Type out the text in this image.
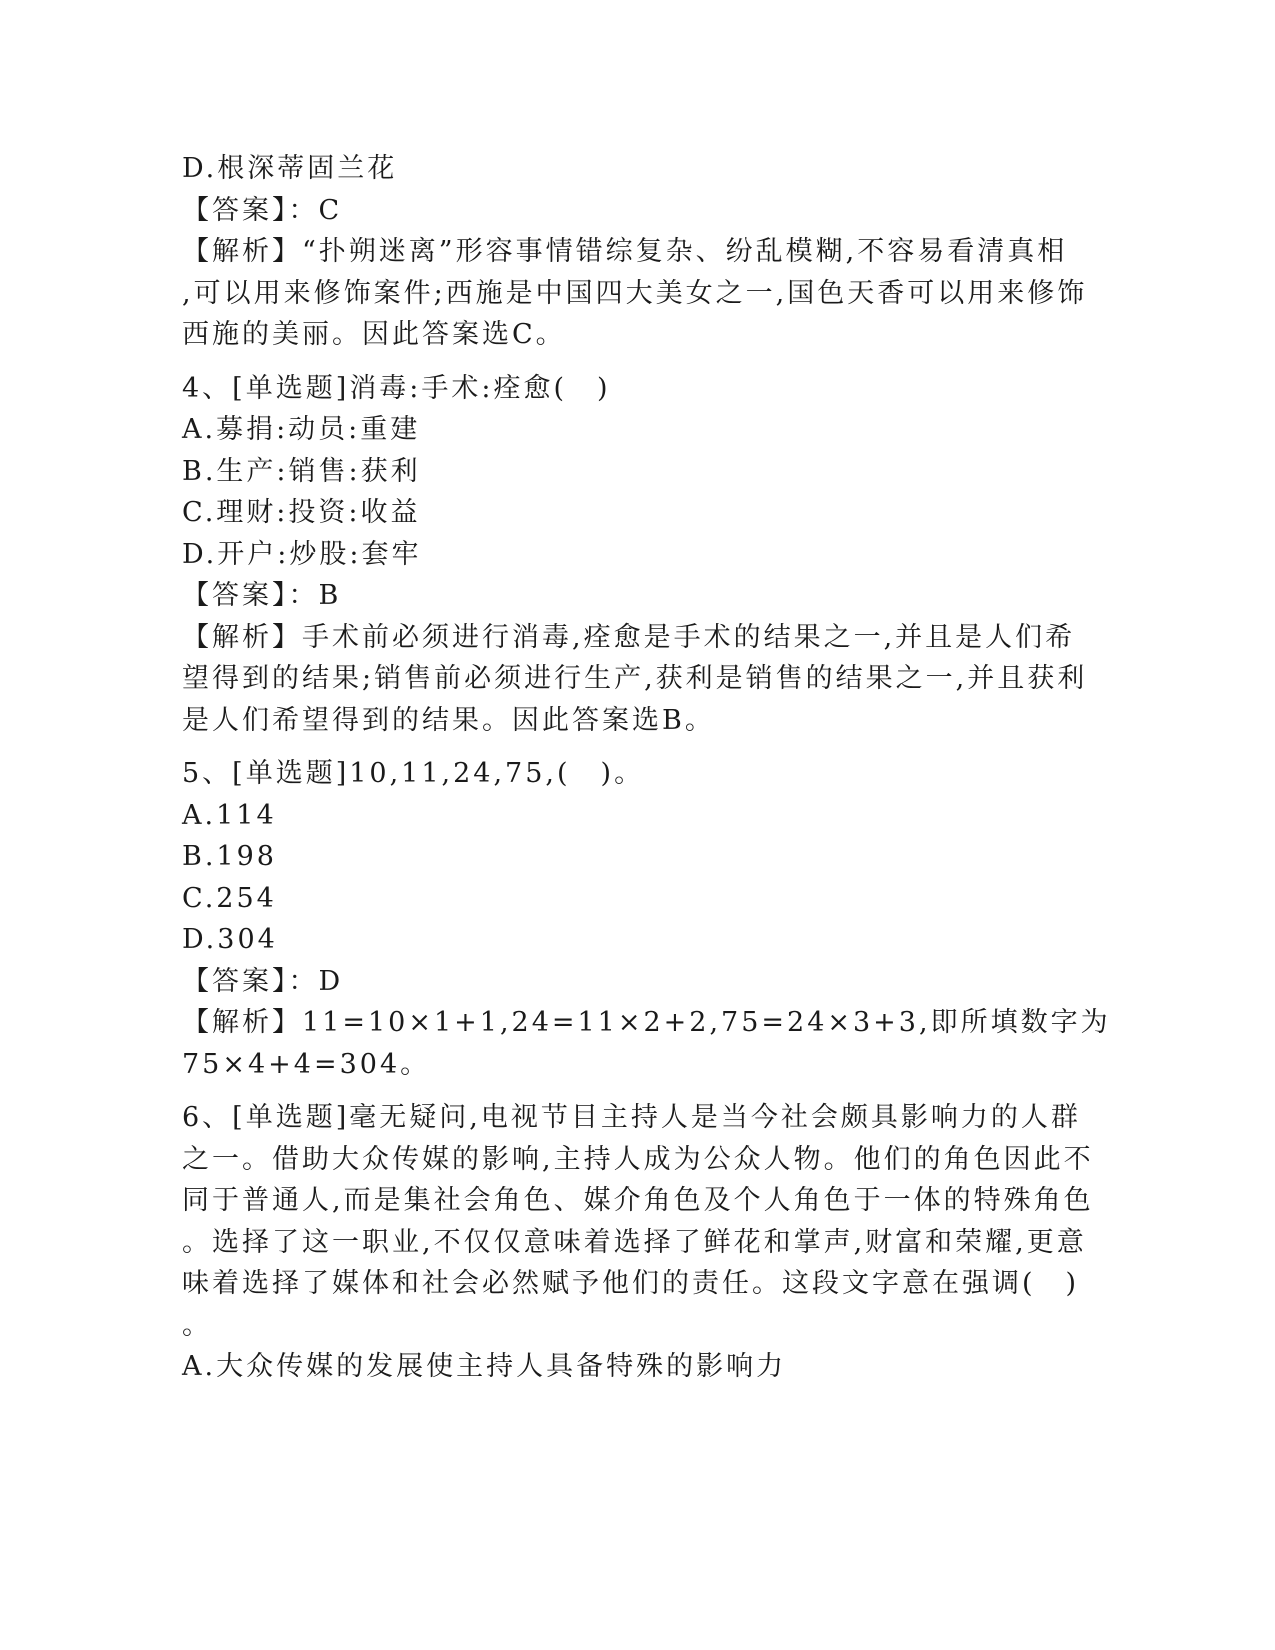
D.根深蒂固兰花
【答案】：C
【解析】“扑朔迷离”形容事情错综复杂、纷乱模糊,不容易看清真相
,可以用来修饰案件;西施是中国四大美女之一,国色天香可以用来修饰
西施的美丽。因此答案选C。
4、[单选题]消毒:手术:痊愈(　)
A.募捐:动员:重建
B.生产:销售:获利
C.理财:投资:收益
D.开户:炒股:套牢
【答案】：B
【解析】手术前必须进行消毒,痊愈是手术的结果之一,并且是人们希
望得到的结果;销售前必须进行生产,获利是销售的结果之一,并且获利
是人们希望得到的结果。因此答案选B。
5、[单选题]10,11,24,75,(　)。
A.114
B.198
C.254
D.304
【答案】：D
【解析】11=10×1+1,24=11×2+2,75=24×3+3,即所填数字为
75×4+4=304。
6、[单选题]毫无疑问,电视节目主持人是当今社会颇具影响力的人群
之一。借助大众传媒的影响,主持人成为公众人物。他们的角色因此不
同于普通人,而是集社会角色、媒介角色及个人角色于一体的特殊角色
。选择了这一职业,不仅仅意味着选择了鲜花和掌声,财富和荣耀,更意
味着选择了媒体和社会必然赋予他们的责任。这段文字意在强调(　)
。
A.大众传媒的发展使主持人具备特殊的影响力
